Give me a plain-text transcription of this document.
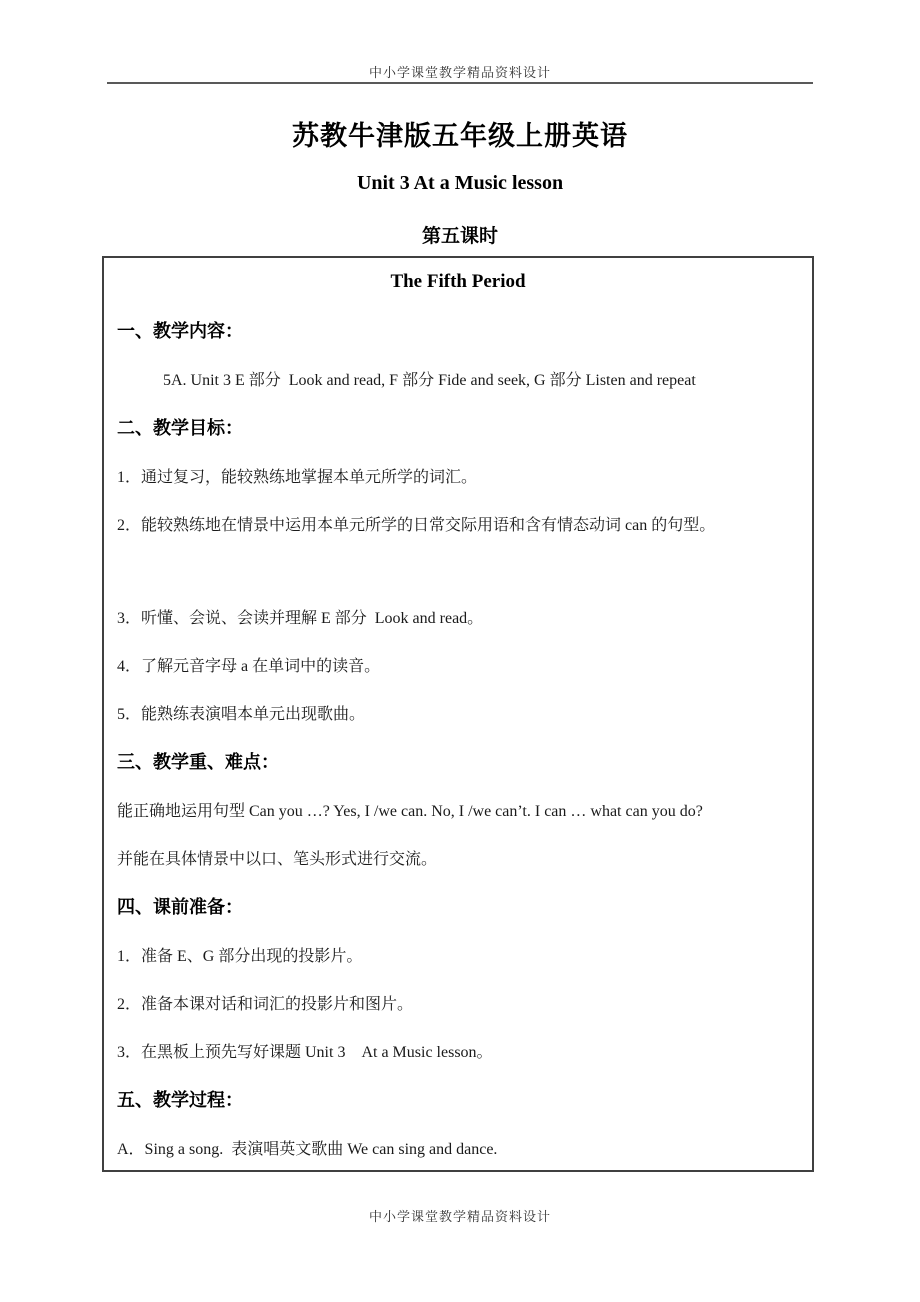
中小学课堂教学精品资料设计
苏教牛津版五年级上册英语
Unit 3 At a Music lesson
第五课时
The Fifth Period
一、教学内容：
5A. Unit 3 E 部分  Look and read, F 部分 Fide and seek, G 部分 Listen and repeat
二、教学目标：
1．通过复习，能较熟练地掌握本单元所学的词汇。
2．能较熟练地在情景中运用本单元所学的日常交际用语和含有情态动词 can 的句型。
3．听懂、会说、会读并理解 E 部分  Look and read。
4．了解元音字母 a 在单词中的读音。
5．能熟练表演唱本单元出现歌曲。
三、教学重、难点：
能正确地运用句型 Can you …? Yes, I /we can. No, I /we can’t. I can … what can you do?
并能在具体情景中以口、笔头形式进行交流。
四、课前准备：
1．准备 E、G 部分出现的投影片。
2．准备本课对话和词汇的投影片和图片。
3．在黑板上预先写好课题 Unit 3　At a Music lesson。
五、教学过程：
A．Sing a song.  表演唱英文歌曲 We can sing and dance.
中小学课堂教学精品资料设计
